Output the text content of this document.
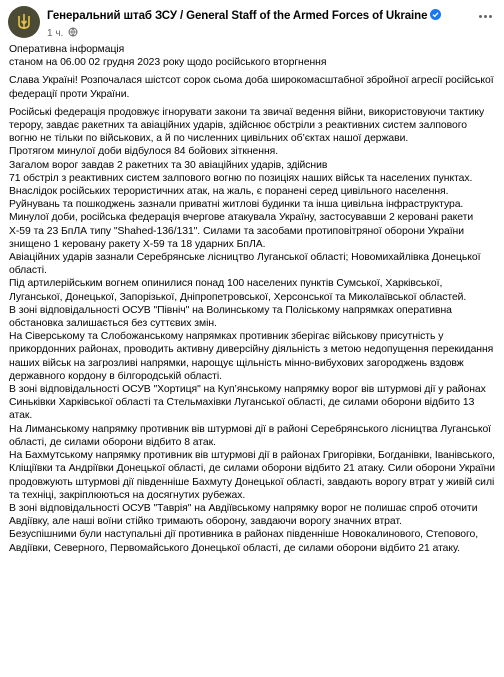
Генеральний штаб ЗСУ / General Staff of the Armed Forces of Ukraine
1 ч.

Оперативна інформація

станом на 06.00 02 грудня 2023 року щодо російського вторгнення

Слава Україні! Розпочалася шістсот сорок сьома доба широкомасштабної збройної агресії російської федерації проти України.

Російські федерація продовжує ігнорувати закони та звичаї ведення війни, використовуючи тактику терору, завдає ракетних та авіаційних ударів, здійснює обстріли з реактивних систем залпового вогню не тільки по військових, а й по численних цивільних об’єктах нашої держави.

Протягом минулої доби відбулося 84 бойових зіткнення.

Загалом ворог завдав 2 ракетних та 30 авіаційних ударів, здійснив

71 обстріл з реактивних систем залпового вогню по позиціях наших військ та населених пунктах. Внаслідок російських терористичних атак, на жаль, є поранені серед цивільного населення. Руйнувань та пошкоджень зазнали приватні житлові будинки та інша цивільна інфраструктура.

Минулої доби, російська федерація вчергове атакувала Україну, застосувавши 2 керовані ракети Х-59 та 23 БпЛА типу "Shahed-136/131". Силами та засобами протиповітряної оборони України знищено 1 керовану ракету Х-59 та 18 ударних БпЛА.

Авіаційних ударів зазнали Серебрянське лісництво Луганської області; Новомихайлівка Донецької області.

Під артилерійським вогнем опинилися понад 100 населених пунктів Сумської, Харківської, Луганської, Донецької, Запорізької, Дніпропетровської, Херсонської та Миколаївської областей.

В зоні відповідальності ОСУВ "Північ" на Волинському та Поліському напрямках оперативна обстановка залишається без суттєвих змін.

На Сіверському та Слобожанському напрямках противник зберігає військову присутність у прикордонних районах, проводить активну диверсійну діяльність з метою недопущення перекидання наших військ на загрозливі напрямки, нарощує щільність мінно-вибухових загороджень вздовж державного кордону в білгородській області.

В зоні відповідальності ОСУВ "Хортиця" на Куп’янському напрямку ворог вів штурмові дії у районах Синьківки Харківської області та Стельмахівки Луганської області, де силами оборони відбито 13 атак.

На Лиманському напрямку противник вів штурмові дії в районі Серебрянського лісництва Луганської області, де силами оборони відбито 8 атак.

На Бахмутському напрямку противник вів штурмові дії в районах Григорівки, Богданівки, Іванівського, Кліщіївки та Андріївки Донецької області, де силами оборони відбито 21 атаку. Сили оборони України продовжують штурмові дії південніше Бахмуту Донецької області, завдають ворогу втрат у живій силі та техніці, закріплюються на досягнутих рубежах.

В зоні відповідальності ОСУВ "Таврія" на Авдіївському напрямку ворог не полишає спроб оточити Авдіївку, але наші воїни стійко тримають оборону, завдаючи ворогу значних втрат.

Безуспішними були наступальні дії противника в районах південніше Новокалинового, Степового, Авдіївки, Северного, Первомайського Донецької області, де силами оборони відбито 21 атаку.
